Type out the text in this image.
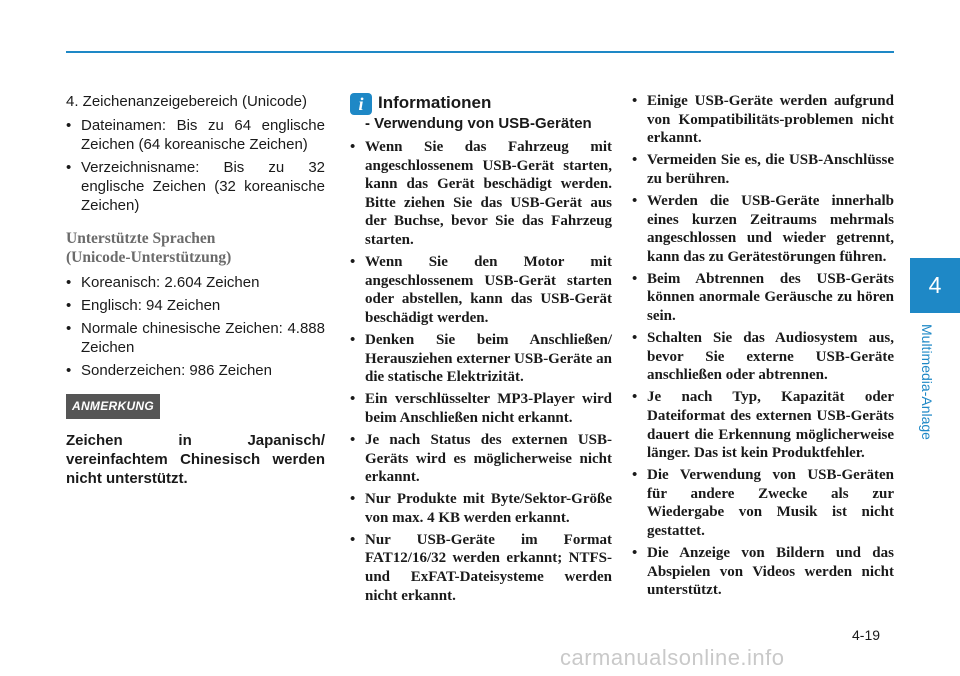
4
Multimedia-Anlage

4. Zeichenanzeigebereich (Unicode)

• Dateinamen: Bis zu 64 englische Zeichen (64 koreanische Zeichen)
• Verzeichnisname: Bis zu 32 englische Zeichen (32 koreanische Zeichen)
Unterstützte Sprachen
(Unicode-Unterstützung)
• Koreanisch: 2.604 Zeichen
• Englisch: 94 Zeichen
• Normale chinesische Zeichen: 4.888 Zeichen
• Sonderzeichen: 986 Zeichen
ANMERKUNG
Zeichen in Japanisch/ vereinfachtem Chinesisch werden nicht unterstützt.
i Informationen
- Verwendung von USB-Geräten
• Wenn Sie das Fahrzeug mit angeschlossenem USB-Gerät starten, kann das Gerät beschädigt werden. Bitte ziehen Sie das USB-Gerät aus der Buchse, bevor Sie das Fahrzeug starten.
• Wenn Sie den Motor mit angeschlossenem USB-Gerät starten oder abstellen, kann das USB-Gerät beschädigt werden.
• Denken Sie beim Anschließen/ Herausziehen externer USB-Geräte an die statische Elektrizität.
• Ein verschlüsselter MP3-Player wird beim Anschließen nicht erkannt.
• Je nach Status des externen USB-Geräts wird es möglicherweise nicht erkannt.
• Nur Produkte mit Byte/Sektor-Größe von max. 4 KB werden erkannt.
• Nur USB-Geräte im Format FAT12/16/32 werden erkannt; NTFS- und ExFAT-Dateisysteme werden nicht erkannt.
• Einige USB-Geräte werden aufgrund von Kompatibilitäts-problemen nicht erkannt.
• Vermeiden Sie es, die USB-Anschlüsse zu berühren.
• Werden die USB-Geräte innerhalb eines kurzen Zeitraums mehrmals angeschlossen und wieder getrennt, kann das zu Gerätestörungen führen.
• Beim Abtrennen des USB-Geräts können anormale Geräusche zu hören sein.
• Schalten Sie das Audiosystem aus, bevor Sie externe USB-Geräte anschließen oder abtrennen.
• Je nach Typ, Kapazität oder Dateiformat des externen USB-Geräts dauert die Erkennung möglicherweise länger. Das ist kein Produktfehler.
• Die Verwendung von USB-Geräten für andere Zwecke als zur Wiedergabe von Musik ist nicht gestattet.
• Die Anzeige von Bildern und das Abspielen von Videos werden nicht unterstützt.
4-19
carmanualsonline.info
